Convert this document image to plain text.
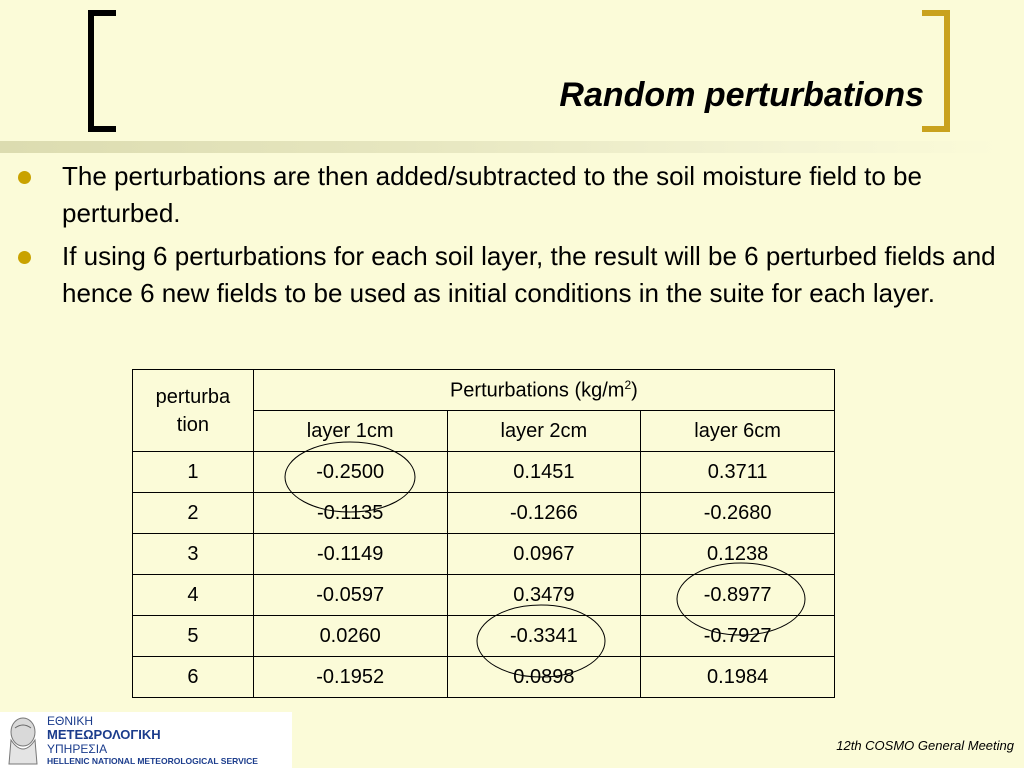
Random perturbations
The perturbations are then added/subtracted to the soil moisture field to be perturbed.
If using 6 perturbations for each soil layer, the result will be 6 perturbed fields and hence 6 new fields to be used as initial conditions in the suite for each layer.
perturba tion	Perturbations $(kg/m^2)$		
	layer 1cm	layer 2cm	layer 6cm
1	-0.2500	0.1451	0.3711
2	-0.1135	-0.1266	-0.2680
3	-0.1149	0.0967	0.1238
4	-0.0597	0.3479	-0.8977
5	0.0260	-0.3341	-0.7927
6	-0.1952	0.0898	0.1984
ΕΘΝΙΚΗ
ΜΕΤΕΩΡΟΛΟΓΙΚΗ
ΥΠΗΡΕΣΙΑ
HELLENIC NATIONAL METEOROLOGICAL SERVICE
12th COSMO General Meeting
